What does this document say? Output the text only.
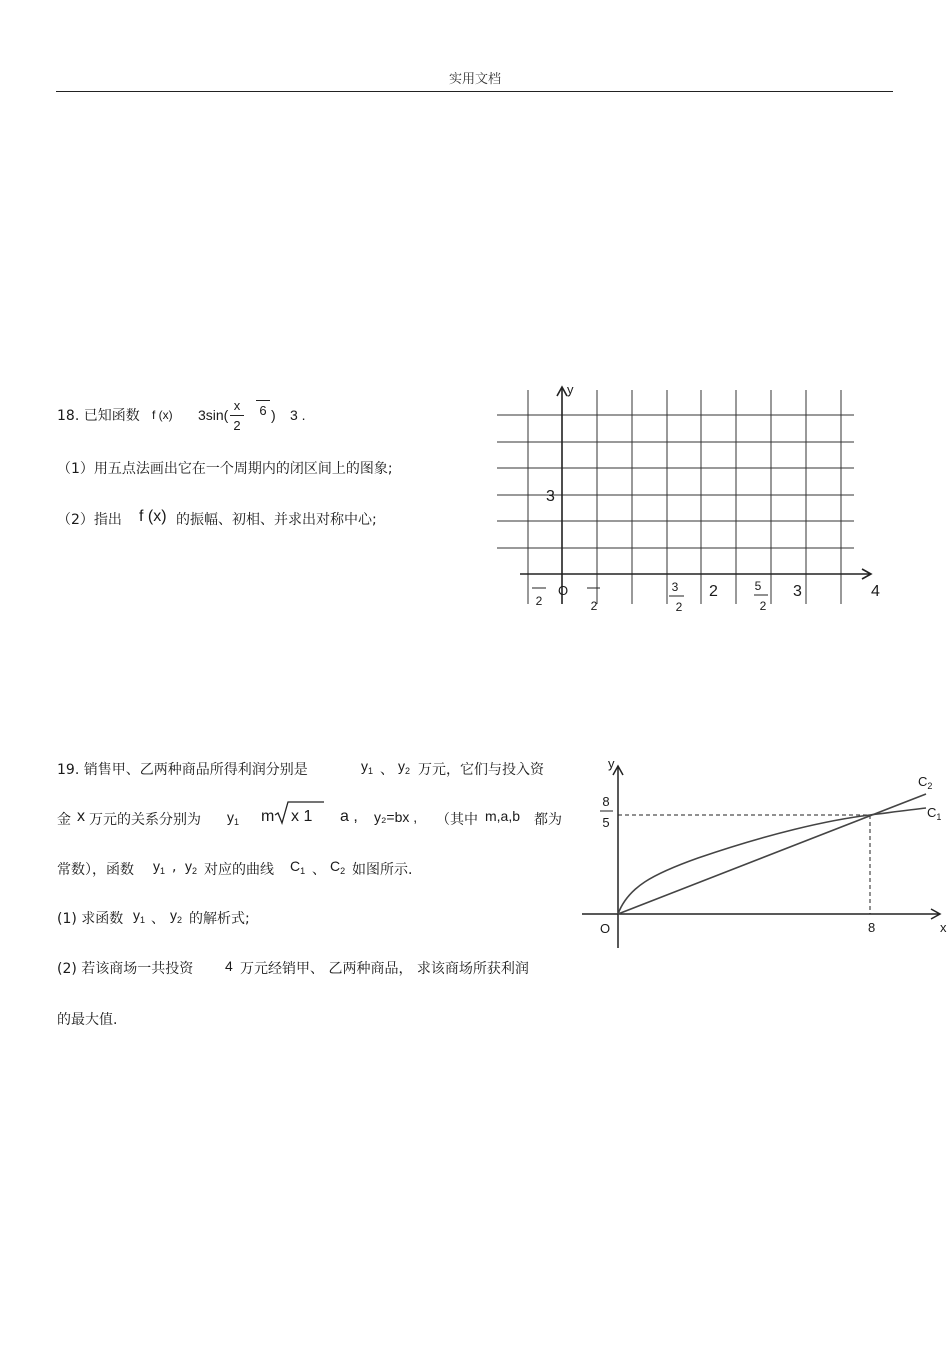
实用文档
18. 已知函数 f (x) 3sin(
x
2
6 ) 3 .
（1）用五点法画出它在一个周期内的闭区间上的图象;
（2）指出 f (x) 的振幅、初相、并求出对称中心;
y
3
O	4
2	2
3
2
2	5
2
3
19. 销售甲、乙两种商品所得利润分别是	$y_1$ 、 $y_2$ 万元，它们与投入资
金 x 万元的关系分别为 $y_1$ m x 1 a , y₂=bx , （其中 m,a,b 都为
常数），函数 $y_1$ , $y_2$ 对应的曲线 $C_1$ 、 $C_2$ 如图所示.
(1) 求函数 $y_1$ 、 $y_2$ 的解析式;
(2) 若该商场一共投资 4 万元经销甲、 乙两种商品， 求该商场所获利润
的最大值.
y
x
O
8
5
8
$C_2$
$C_1$
